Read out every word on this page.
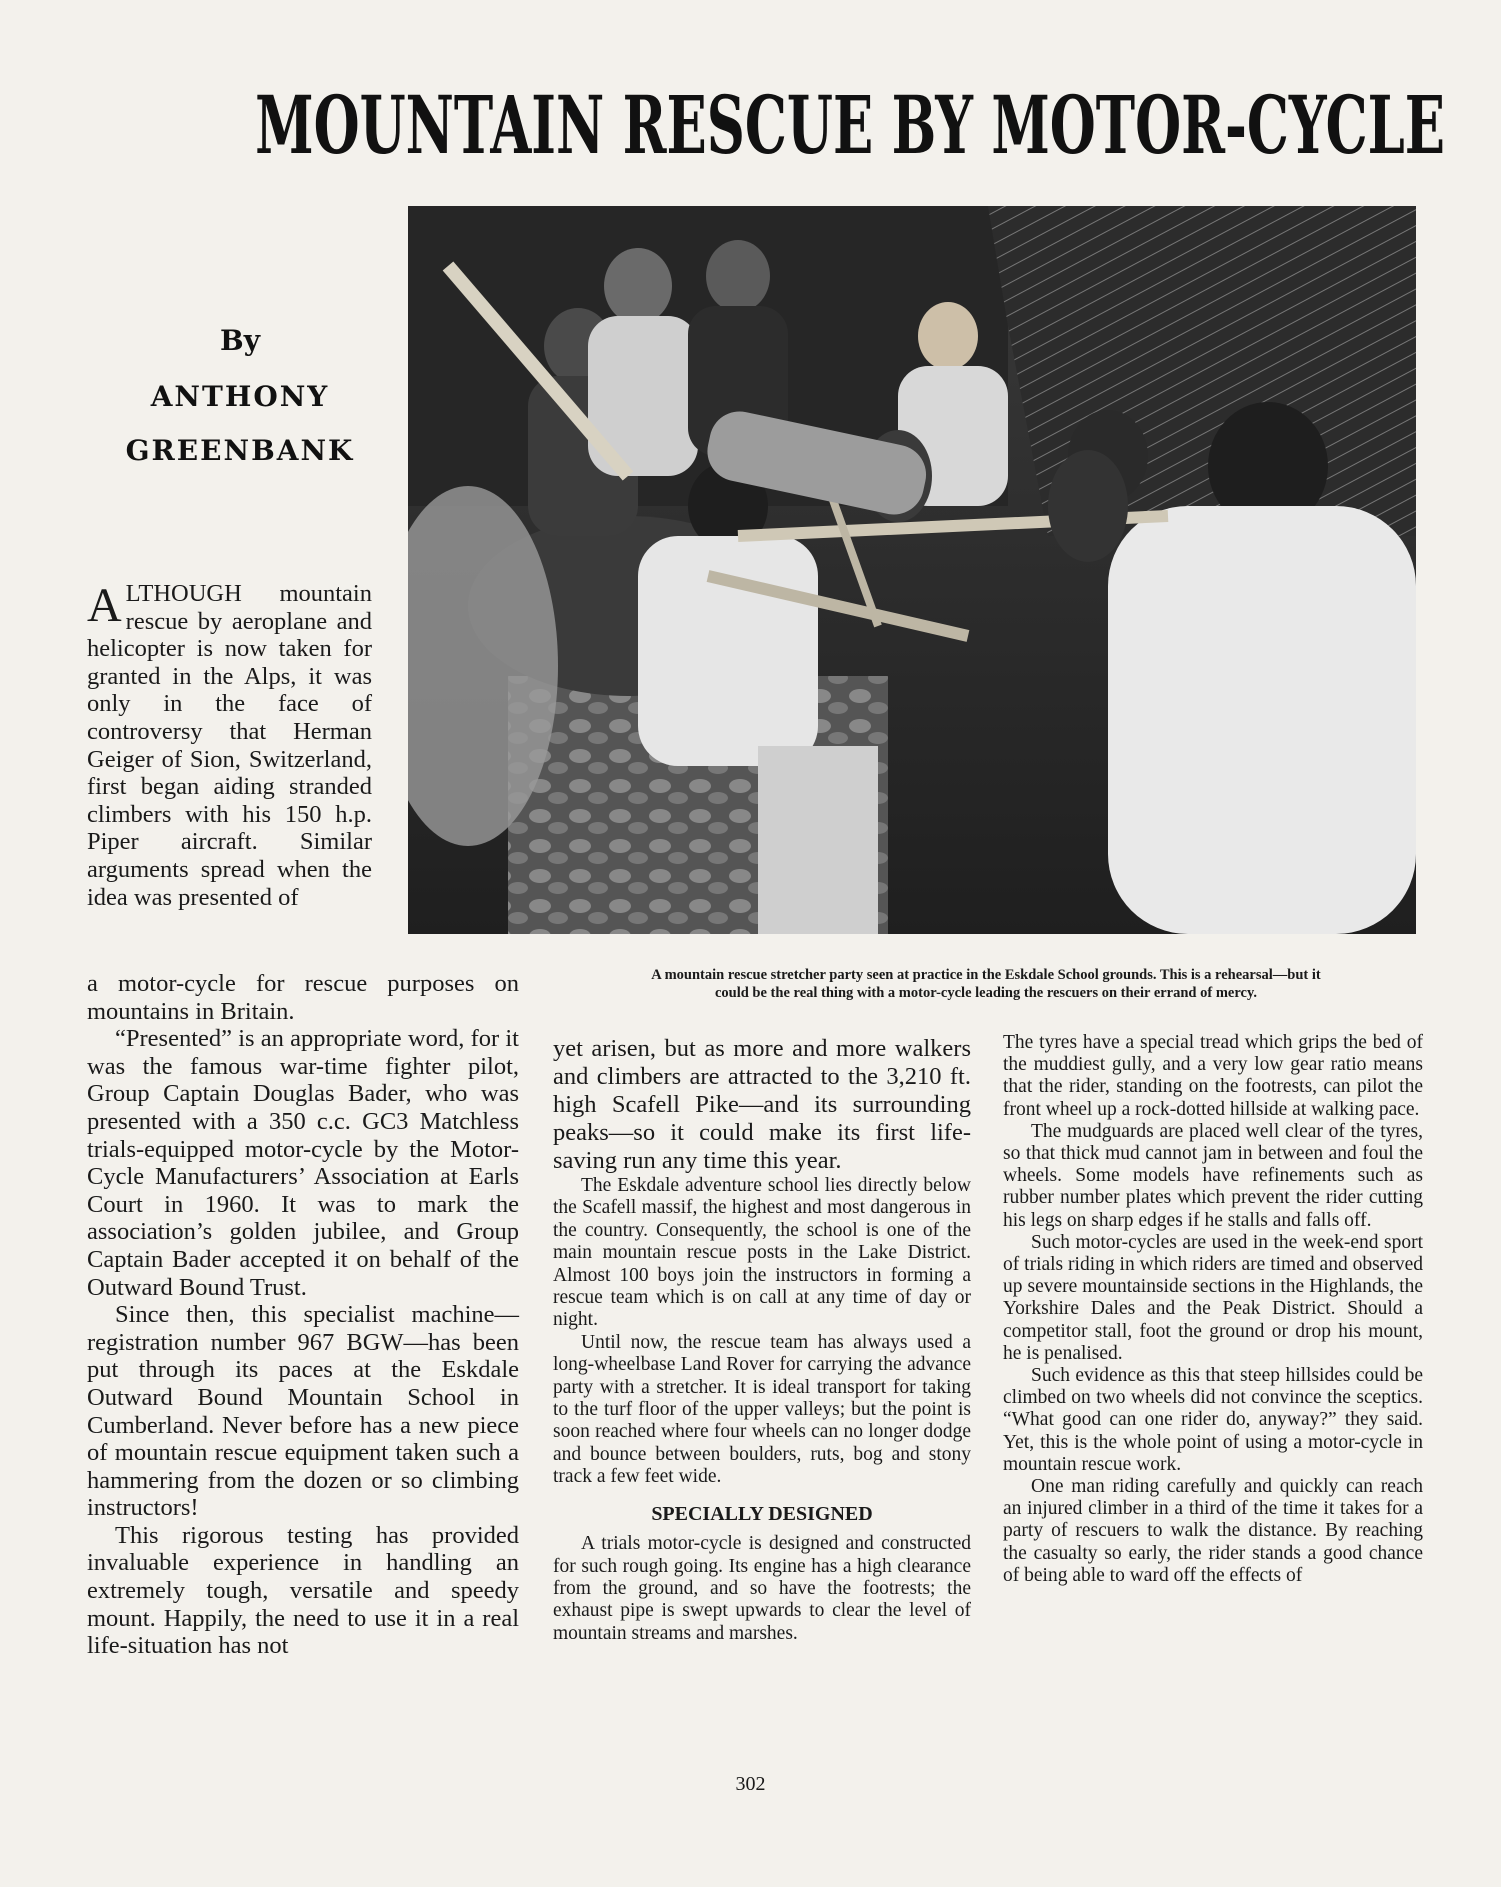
MOUNTAIN RESCUE BY MOTOR-CYCLE
By
ANTHONY
GREENBANK
A mountain rescue stretcher party seen at practice in the Eskdale School grounds. This is a rehearsal—but it
could be the real thing with a motor-cycle leading the rescuers on their errand of mercy.
ALTHOUGH mountain rescue by aeroplane and helicopter is now taken for granted in the Alps, it was only in the face of controversy that Herman Geiger of Sion, Switzerland, first began aiding stranded climbers with his 150 h.p. Piper aircraft. Similar arguments spread when the idea was presented of

a motor-cycle for rescue purposes on mountains in Britain.

“Presented” is an appropriate word, for it was the famous war-time fighter pilot, Group Captain Douglas Bader, who was presented with a 350 c.c. GC3 Matchless trials-equipped motor-cycle by the Motor-Cycle Manufacturers’ Association at Earls Court in 1960. It was to mark the association’s golden jubilee, and Group Captain Bader accepted it on behalf of the Outward Bound Trust.

Since then, this specialist machine—registration number 967 BGW—has been put through its paces at the Eskdale Outward Bound Mountain School in Cumberland. Never before has a new piece of mountain rescue equipment taken such a hammering from the dozen or so climbing instructors!

This rigorous testing has provided invaluable experience in handling an extremely tough, versatile and speedy mount. Happily, the need to use it in a real life-situation has not

yet arisen, but as more and more walkers and climbers are attracted to the 3,210 ft. high Scafell Pike—and its surrounding peaks—so it could make its first life-saving run any time this year.

The Eskdale adventure school lies directly below the Scafell massif, the highest and most dangerous in the country. Consequently, the school is one of the main mountain rescue posts in the Lake District. Almost 100 boys join the instructors in forming a rescue team which is on call at any time of day or night.

Until now, the rescue team has always used a long-wheelbase Land Rover for carrying the advance party with a stretcher. It is ideal transport for taking to the turf floor of the upper valleys; but the point is soon reached where four wheels can no longer dodge and bounce between boulders, ruts, bog and stony track a few feet wide.

SPECIALLY DESIGNED

A trials motor-cycle is designed and constructed for such rough going. Its engine has a high clearance from the ground, and so have the footrests; the exhaust pipe is swept upwards to clear the level of mountain streams and marshes.

The tyres have a special tread which grips the bed of the muddiest gully, and a very low gear ratio means that the rider, standing on the footrests, can pilot the front wheel up a rock-dotted hillside at walking pace.

The mudguards are placed well clear of the tyres, so that thick mud cannot jam in between and foul the wheels. Some models have refinements such as rubber number plates which prevent the rider cutting his legs on sharp edges if he stalls and falls off.

Such motor-cycles are used in the week-end sport of trials riding in which riders are timed and observed up severe mountainside sections in the Highlands, the Yorkshire Dales and the Peak District. Should a competitor stall, foot the ground or drop his mount, he is penalised.

Such evidence as this that steep hillsides could be climbed on two wheels did not convince the sceptics. “What good can one rider do, anyway?” they said. Yet, this is the whole point of using a motor-cycle in mountain rescue work.

One man riding carefully and quickly can reach an injured climber in a third of the time it takes for a party of rescuers to walk the distance. By reaching the casualty so early, the rider stands a good chance of being able to ward off the effects of

302
